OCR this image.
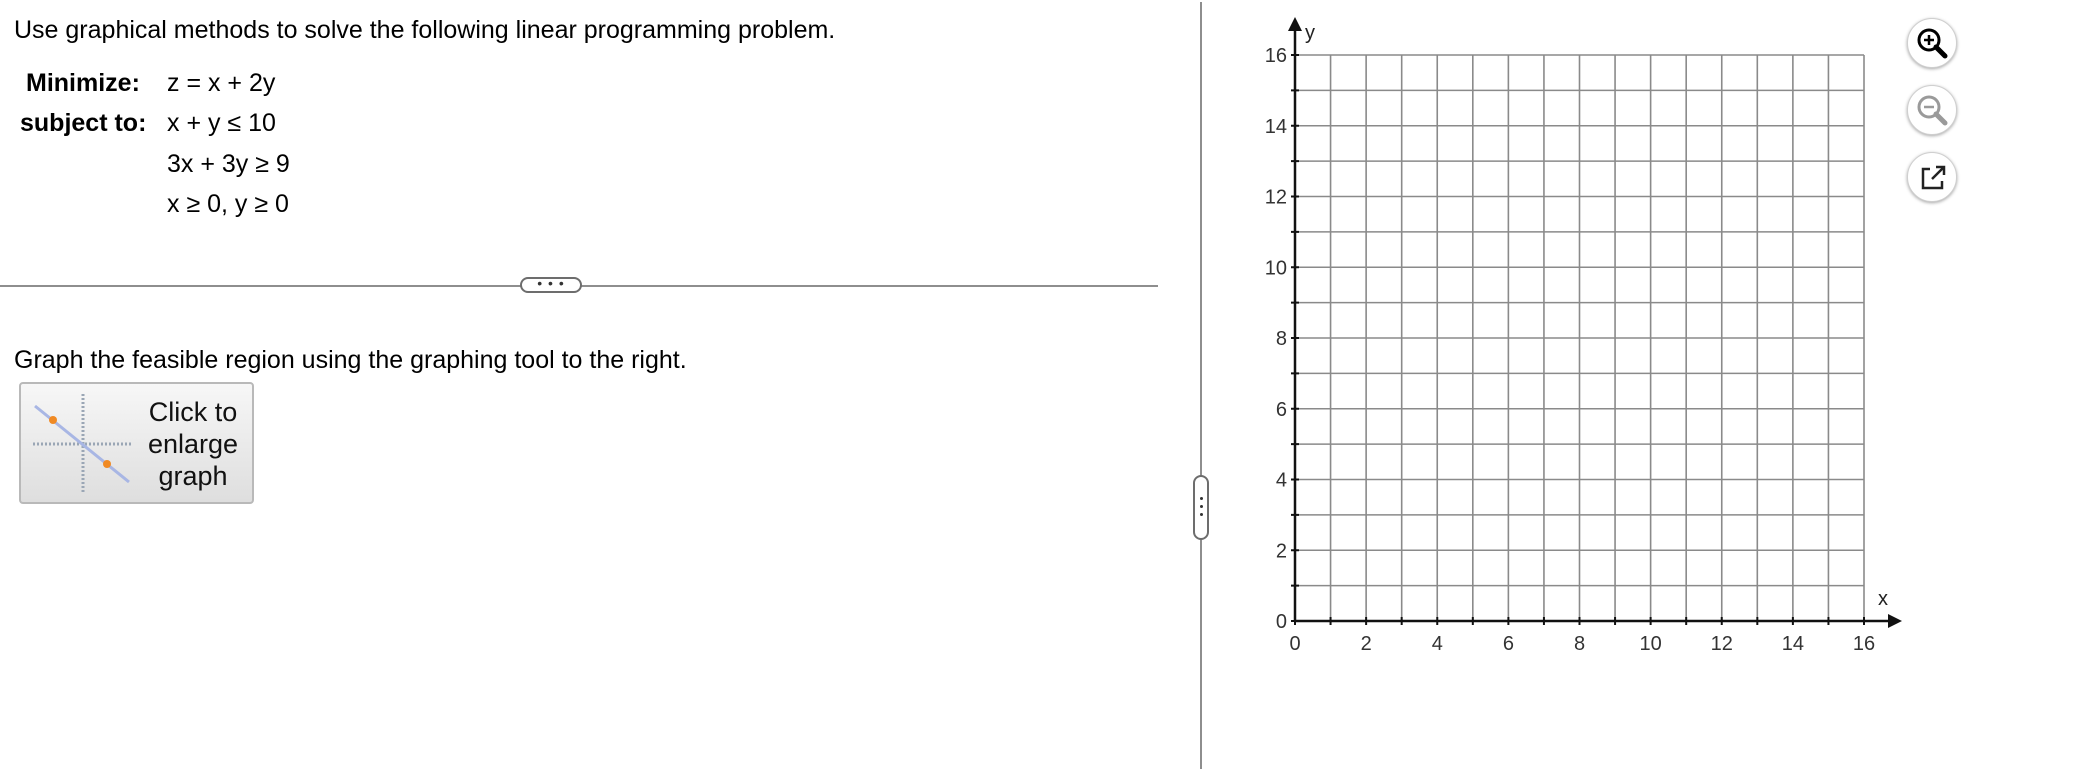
Use graphical methods to solve the following linear programming problem.
Minimize: z = x + 2y
subject to: x + y ≤ 10
3x + 3y ≥ 9
x ≥ 0, y ≥ 0
• • •
Graph the feasible region using the graphing tool to the right.
Click to
enlarge
graph
0	2	4	6	8	10 12 14 16
0
2
4
6
8
10
12
14
16
x
y
